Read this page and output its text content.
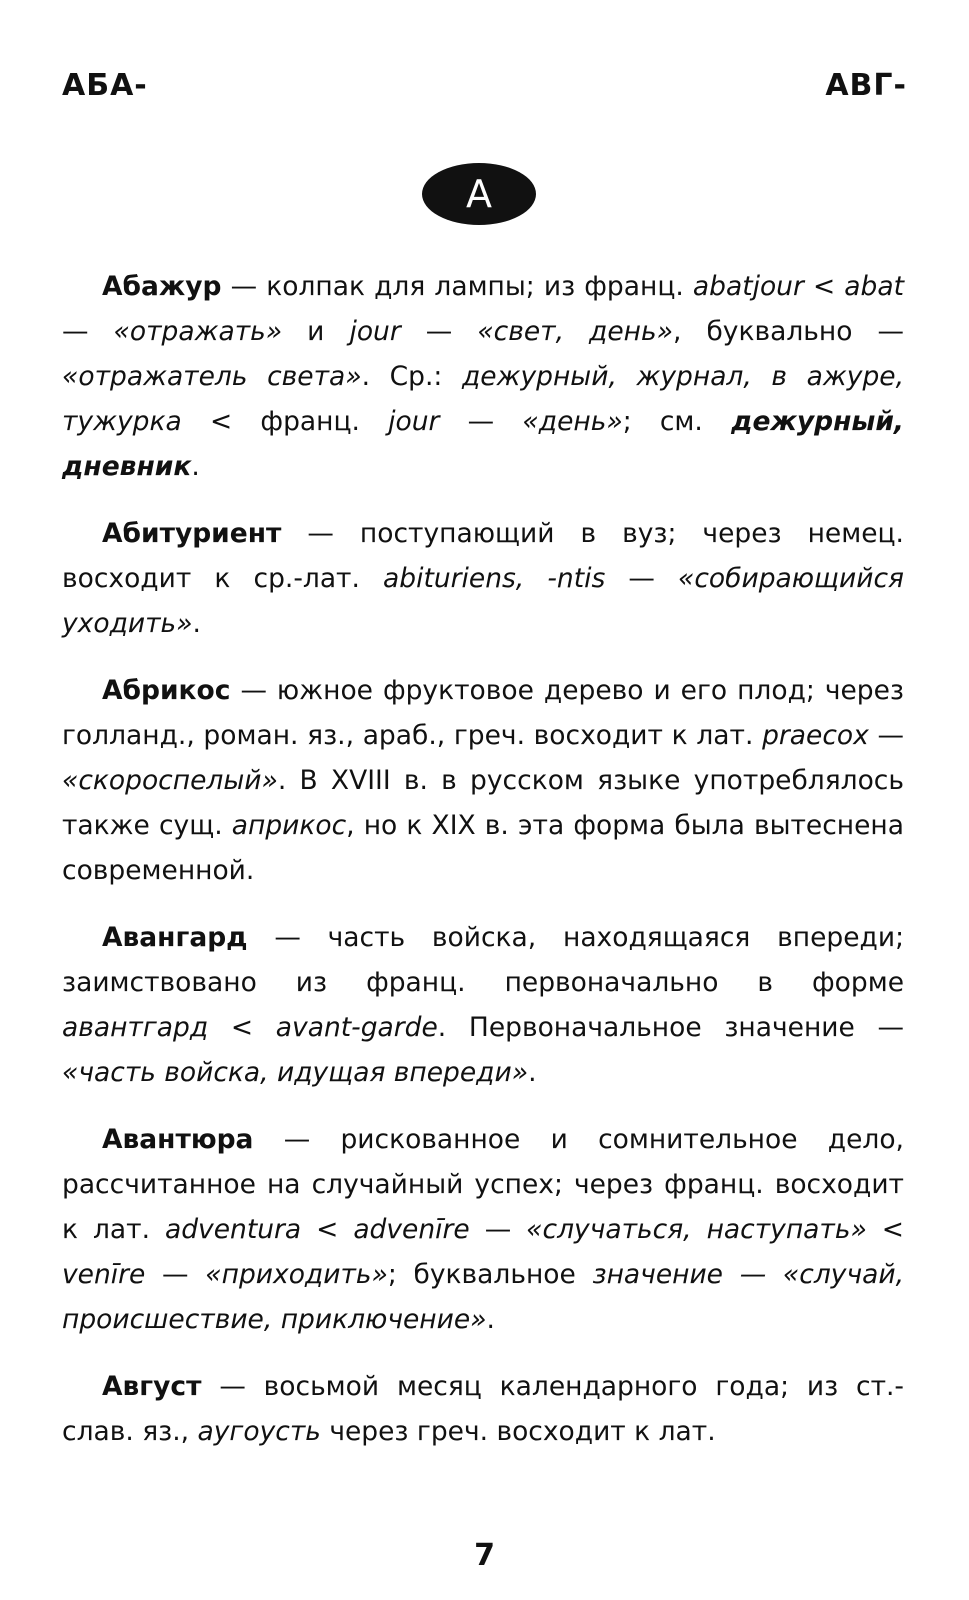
АБА-	АВГ-
А

Абажур — колпак для лампы; из франц. abatjour < abat — «отражать» и jour — «свет, день», буквально — «отражатель света». Ср.: дежурный, журнал, в ажуре, тужурка < франц. jour — «день»; см. дежурный, дневник.

Абитуриент — поступающий в вуз; через немец. восходит к ср.-лат. abituriens, -ntis — «собирающийся уходить».

Абрикос — южное фруктовое дерево и его плод; через голланд., роман. яз., араб., греч. восходит к лат. praecox — «скороспелый». В XVIII в. в русском языке употреблялось также сущ. априкос, но к XIX в. эта форма была вытеснена современной.

Авангард — часть войска, находящаяся впереди; заимствовано из франц. первоначально в форме авантгард < avant-garde. Первоначальное значение — «часть войска, идущая впереди».

Авантюра — рискованное и сомнительное дело, рассчитанное на случайный успех; через франц. восходит к лат. adventura < advenīre — «случаться, наступать» < venīre — «приходить»; буквальное значение — «случай, происшествие, приключение».

Август — восьмой месяц календарного года; из ст.-слав. яз., аугоусть через греч. восходит к лат.

7
